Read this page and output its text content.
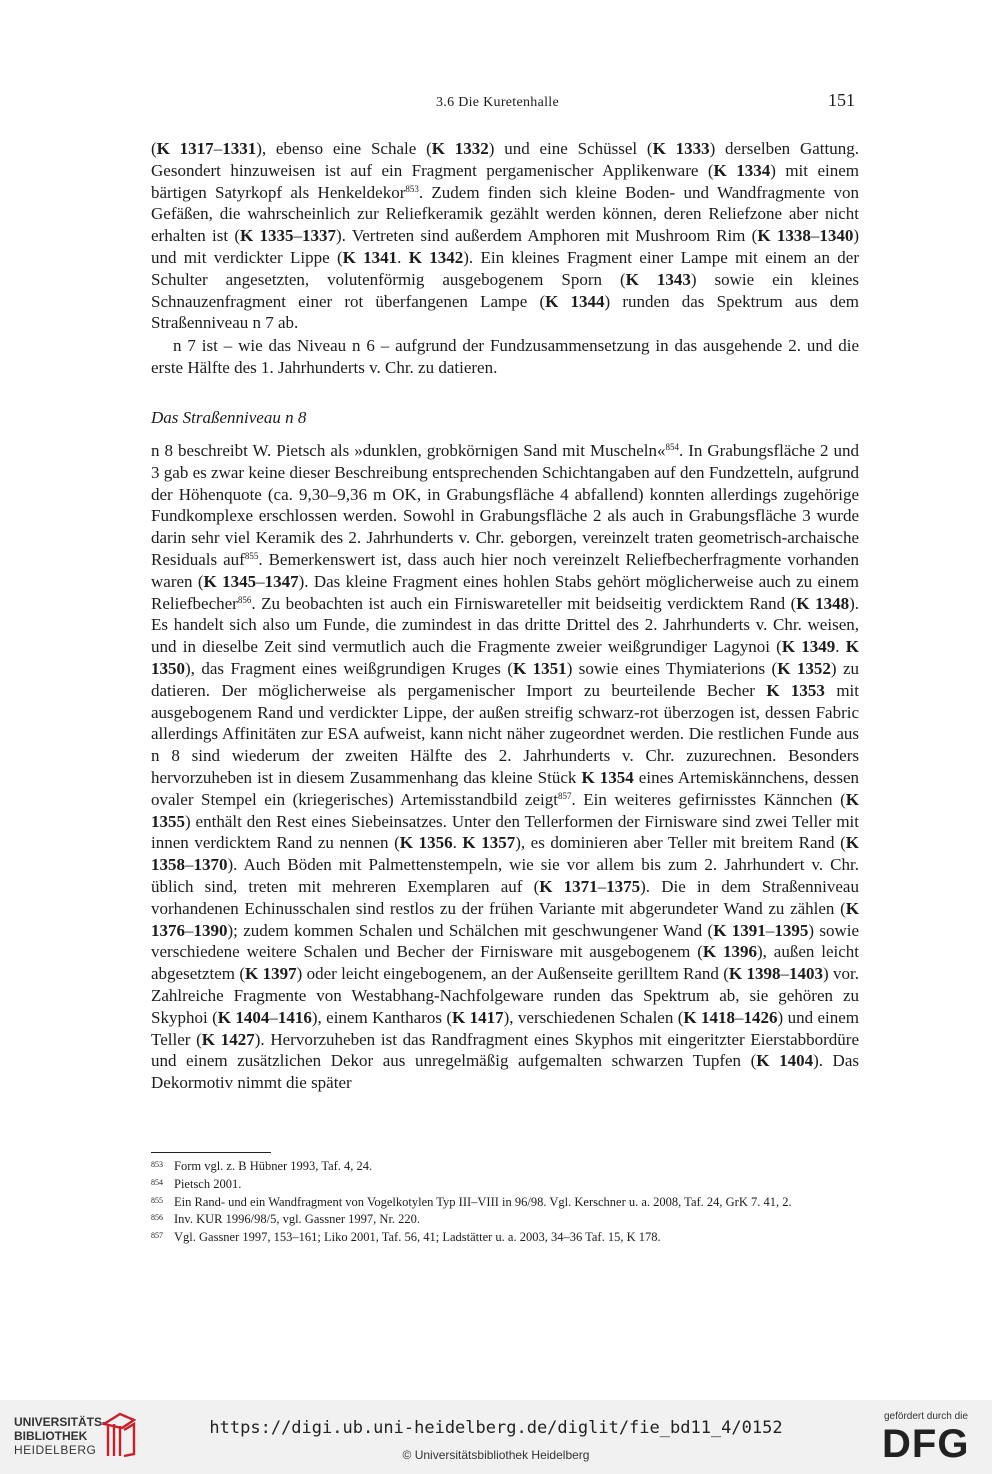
3.6 Die Kuretenhalle	151

(K 1317–1331), ebenso eine Schale (K 1332) und eine Schüssel (K 1333) derselben Gattung. Gesondert hinzuweisen ist auf ein Fragment pergamenischer Applikenware (K 1334) mit einem bärtigen Satyrkopf als Henkeldekor$^{853}$. Zudem finden sich kleine Boden- und Wandfragmente von Gefäßen, die wahrscheinlich zur Reliefkeramik gezählt werden können, deren Reliefzone aber nicht erhalten ist (K 1335–1337). Vertreten sind außerdem Amphoren mit Mushroom Rim (K 1338–1340) und mit verdickter Lippe (K 1341. K 1342). Ein kleines Fragment einer Lampe mit einem an der Schulter angesetzten, volutenförmig ausgebogenem Sporn (K 1343) sowie ein kleines Schnauzenfragment einer rot überfangenen Lampe (K 1344) runden das Spektrum aus dem Straßenniveau n 7 ab.

n 7 ist – wie das Niveau n 6 – aufgrund der Fundzusammensetzung in das ausgehende 2. und die erste Hälfte des 1. Jahrhunderts v. Chr. zu datieren.

Das Straßenniveau n 8

n 8 beschreibt W. Pietsch als »dunklen, grobkörnigen Sand mit Muscheln«$^{854}$. In Grabungsfläche 2 und 3 gab es zwar keine dieser Beschreibung entsprechenden Schichtangaben auf den Fundzetteln, aufgrund der Höhenquote (ca. 9,30–9,36 m OK, in Grabungsfläche 4 abfallend) konnten allerdings zugehörige Fundkomplexe erschlossen werden. Sowohl in Grabungsfläche 2 als auch in Grabungsfläche 3 wurde darin sehr viel Keramik des 2. Jahrhunderts v. Chr. geborgen, vereinzelt traten geometrisch-archaische Residuals auf$^{855}$. Bemerkenswert ist, dass auch hier noch vereinzelt Reliefbecherfragmente vorhanden waren (K 1345–1347). Das kleine Fragment eines hohlen Stabs gehört möglicherweise auch zu einem Reliefbecher$^{856}$. Zu beobachten ist auch ein Firniswareteller mit beidseitig verdicktem Rand (K 1348). Es handelt sich also um Funde, die zumindest in das dritte Drittel des 2. Jahrhunderts v. Chr. weisen, und in dieselbe Zeit sind vermutlich auch die Fragmente zweier weißgrundiger Lagynoi (K 1349. K 1350), das Fragment eines weißgrundigen Kruges (K 1351) sowie eines Thymiaterions (K 1352) zu datieren. Der möglicherweise als pergamenischer Import zu beurteilende Becher K 1353 mit ausgebogenem Rand und verdickter Lippe, der außen streifig schwarz-rot überzogen ist, dessen Fabric allerdings Affinitäten zur ESA aufweist, kann nicht näher zugeordnet werden. Die restlichen Funde aus n 8 sind wiederum der zweiten Hälfte des 2. Jahrhunderts v. Chr. zuzurechnen. Besonders hervorzuheben ist in diesem Zusammenhang das kleine Stück K 1354 eines Artemiskännchens, dessen ovaler Stempel ein (kriegerisches) Artemisstandbild zeigt$^{857}$. Ein weiteres gefirnisstes Kännchen (K 1355) enthält den Rest eines Siebeinsatzes. Unter den Tellerformen der Firnisware sind zwei Teller mit innen verdicktem Rand zu nennen (K 1356. K 1357), es dominieren aber Teller mit breitem Rand (K 1358–1370). Auch Böden mit Palmettenstempeln, wie sie vor allem bis zum 2. Jahrhundert v. Chr. üblich sind, treten mit mehreren Exemplaren auf (K 1371–1375). Die in dem Straßenniveau vorhandenen Echinusschalen sind restlos zu der frühen Variante mit abgerundeter Wand zu zählen (K 1376–1390); zudem kommen Schalen und Schälchen mit geschwungener Wand (K 1391–1395) sowie verschiedene weitere Schalen und Becher der Firnisware mit ausgebogenem (K 1396), außen leicht abgesetztem (K 1397) oder leicht eingebogenem, an der Außenseite gerilltem Rand (K 1398–1403) vor. Zahlreiche Fragmente von Westabhang-Nachfolgeware runden das Spektrum ab, sie gehören zu Skyphoi (K 1404–1416), einem Kantharos (K 1417), verschiedenen Schalen (K 1418–1426) und einem Teller (K 1427). Hervorzuheben ist das Randfragment eines Skyphos mit eingeritzter Eierstabbordüre und einem zusätzlichen Dekor aus unregelmäßig aufgemalten schwarzen Tupfen (K 1404). Das Dekormotiv nimmt die später

853 Form vgl. z. B Hübner 1993, Taf. 4, 24.
854 Pietsch 2001.
855 Ein Rand- und ein Wandfragment von Vogelkotylen Typ III–VIII in 96/98. Vgl. Kerschner u. a. 2008, Taf. 24, GrK 7. 41, 2.
856 Inv. KUR 1996/98/5, vgl. Gassner 1997, Nr. 220.
857 Vgl. Gassner 1997, 153–161; Liko 2001, Taf. 56, 41; Ladstätter u. a. 2003, 34–36 Taf. 15, K 178.
UNIVERSITÄTS-
BIBLIOTHEK
HEIDELBERG
https://digi.ub.uni-heidelberg.de/diglit/fie_bd11_4/0152
© Universitätsbibliothek Heidelberg
gefördert durch die
DFG
